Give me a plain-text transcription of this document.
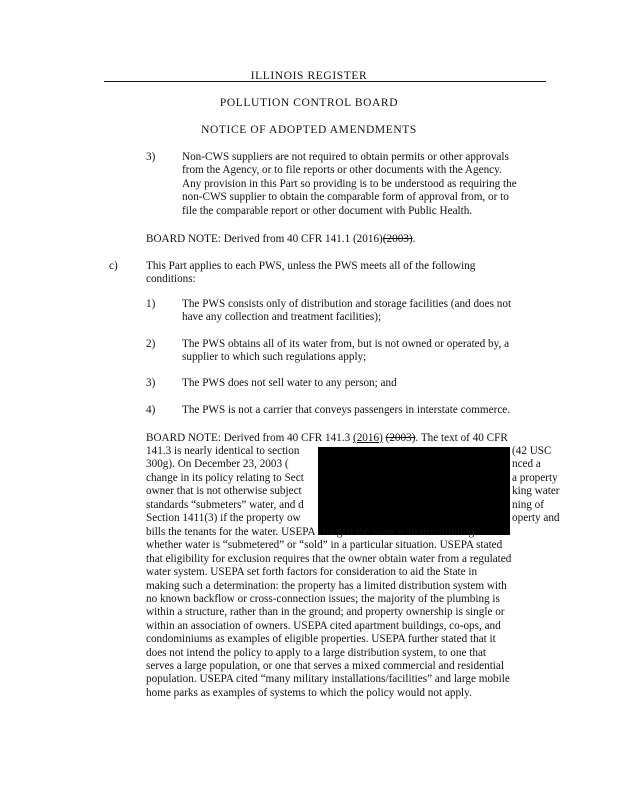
ILLINOIS REGISTER
POLLUTION CONTROL BOARD
NOTICE OF ADOPTED AMENDMENTS
3) Non-CWS suppliers are not required to obtain permits or other approvals
from the Agency, or to file reports or other documents with the Agency.
Any provision in this Part so providing is to be understood as requiring the
non-CWS supplier to obtain the comparable form of approval from, or to
file the comparable report or other document with Public Health.
BOARD NOTE: Derived from 40 CFR 141.1 (2016)(2003).
c)	This Part applies to each PWS, unless the PWS meets all of the following
conditions:
1) The PWS consists only of distribution and storage facilities (and does not
have any collection and treatment facilities);
2) The PWS obtains all of its water from, but is not owned or operated by, a
supplier to which such regulations apply;
3) The PWS does not sell water to any person; and
4) The PWS is not a carrier that conveys passengers in interstate commerce.
BOARD NOTE: Derived from 40 CFR 141.3 (2016) (2003). The text of 40 CFR
141.3 is nearly identical to section	(42 USC
300g). On December 23, 2003 (	nced a
change in its policy relating to Sect	a property
owner that is not otherwise subject	king water
standards “submeters” water, and d	ning of
Section 1411(3) if the property ow	operty and
bills the tenants for the water. USEPA charged the State with determining
whether water is “submetered” or “sold” in a particular situation. USEPA stated
that eligibility for exclusion requires that the owner obtain water from a regulated
water system. USEPA set forth factors for consideration to aid the State in
making such a determination: the property has a limited distribution system with
no known backflow or cross-connection issues; the majority of the plumbing is
within a structure, rather than in the ground; and property ownership is single or
within an association of owners. USEPA cited apartment buildings, co-ops, and
condominiums as examples of eligible properties. USEPA further stated that it
does not intend the policy to apply to a large distribution system, to one that
serves a large population, or one that serves a mixed commercial and residential
population. USEPA cited “many military installations/facilities” and large mobile
home parks as examples of systems to which the policy would not apply.
